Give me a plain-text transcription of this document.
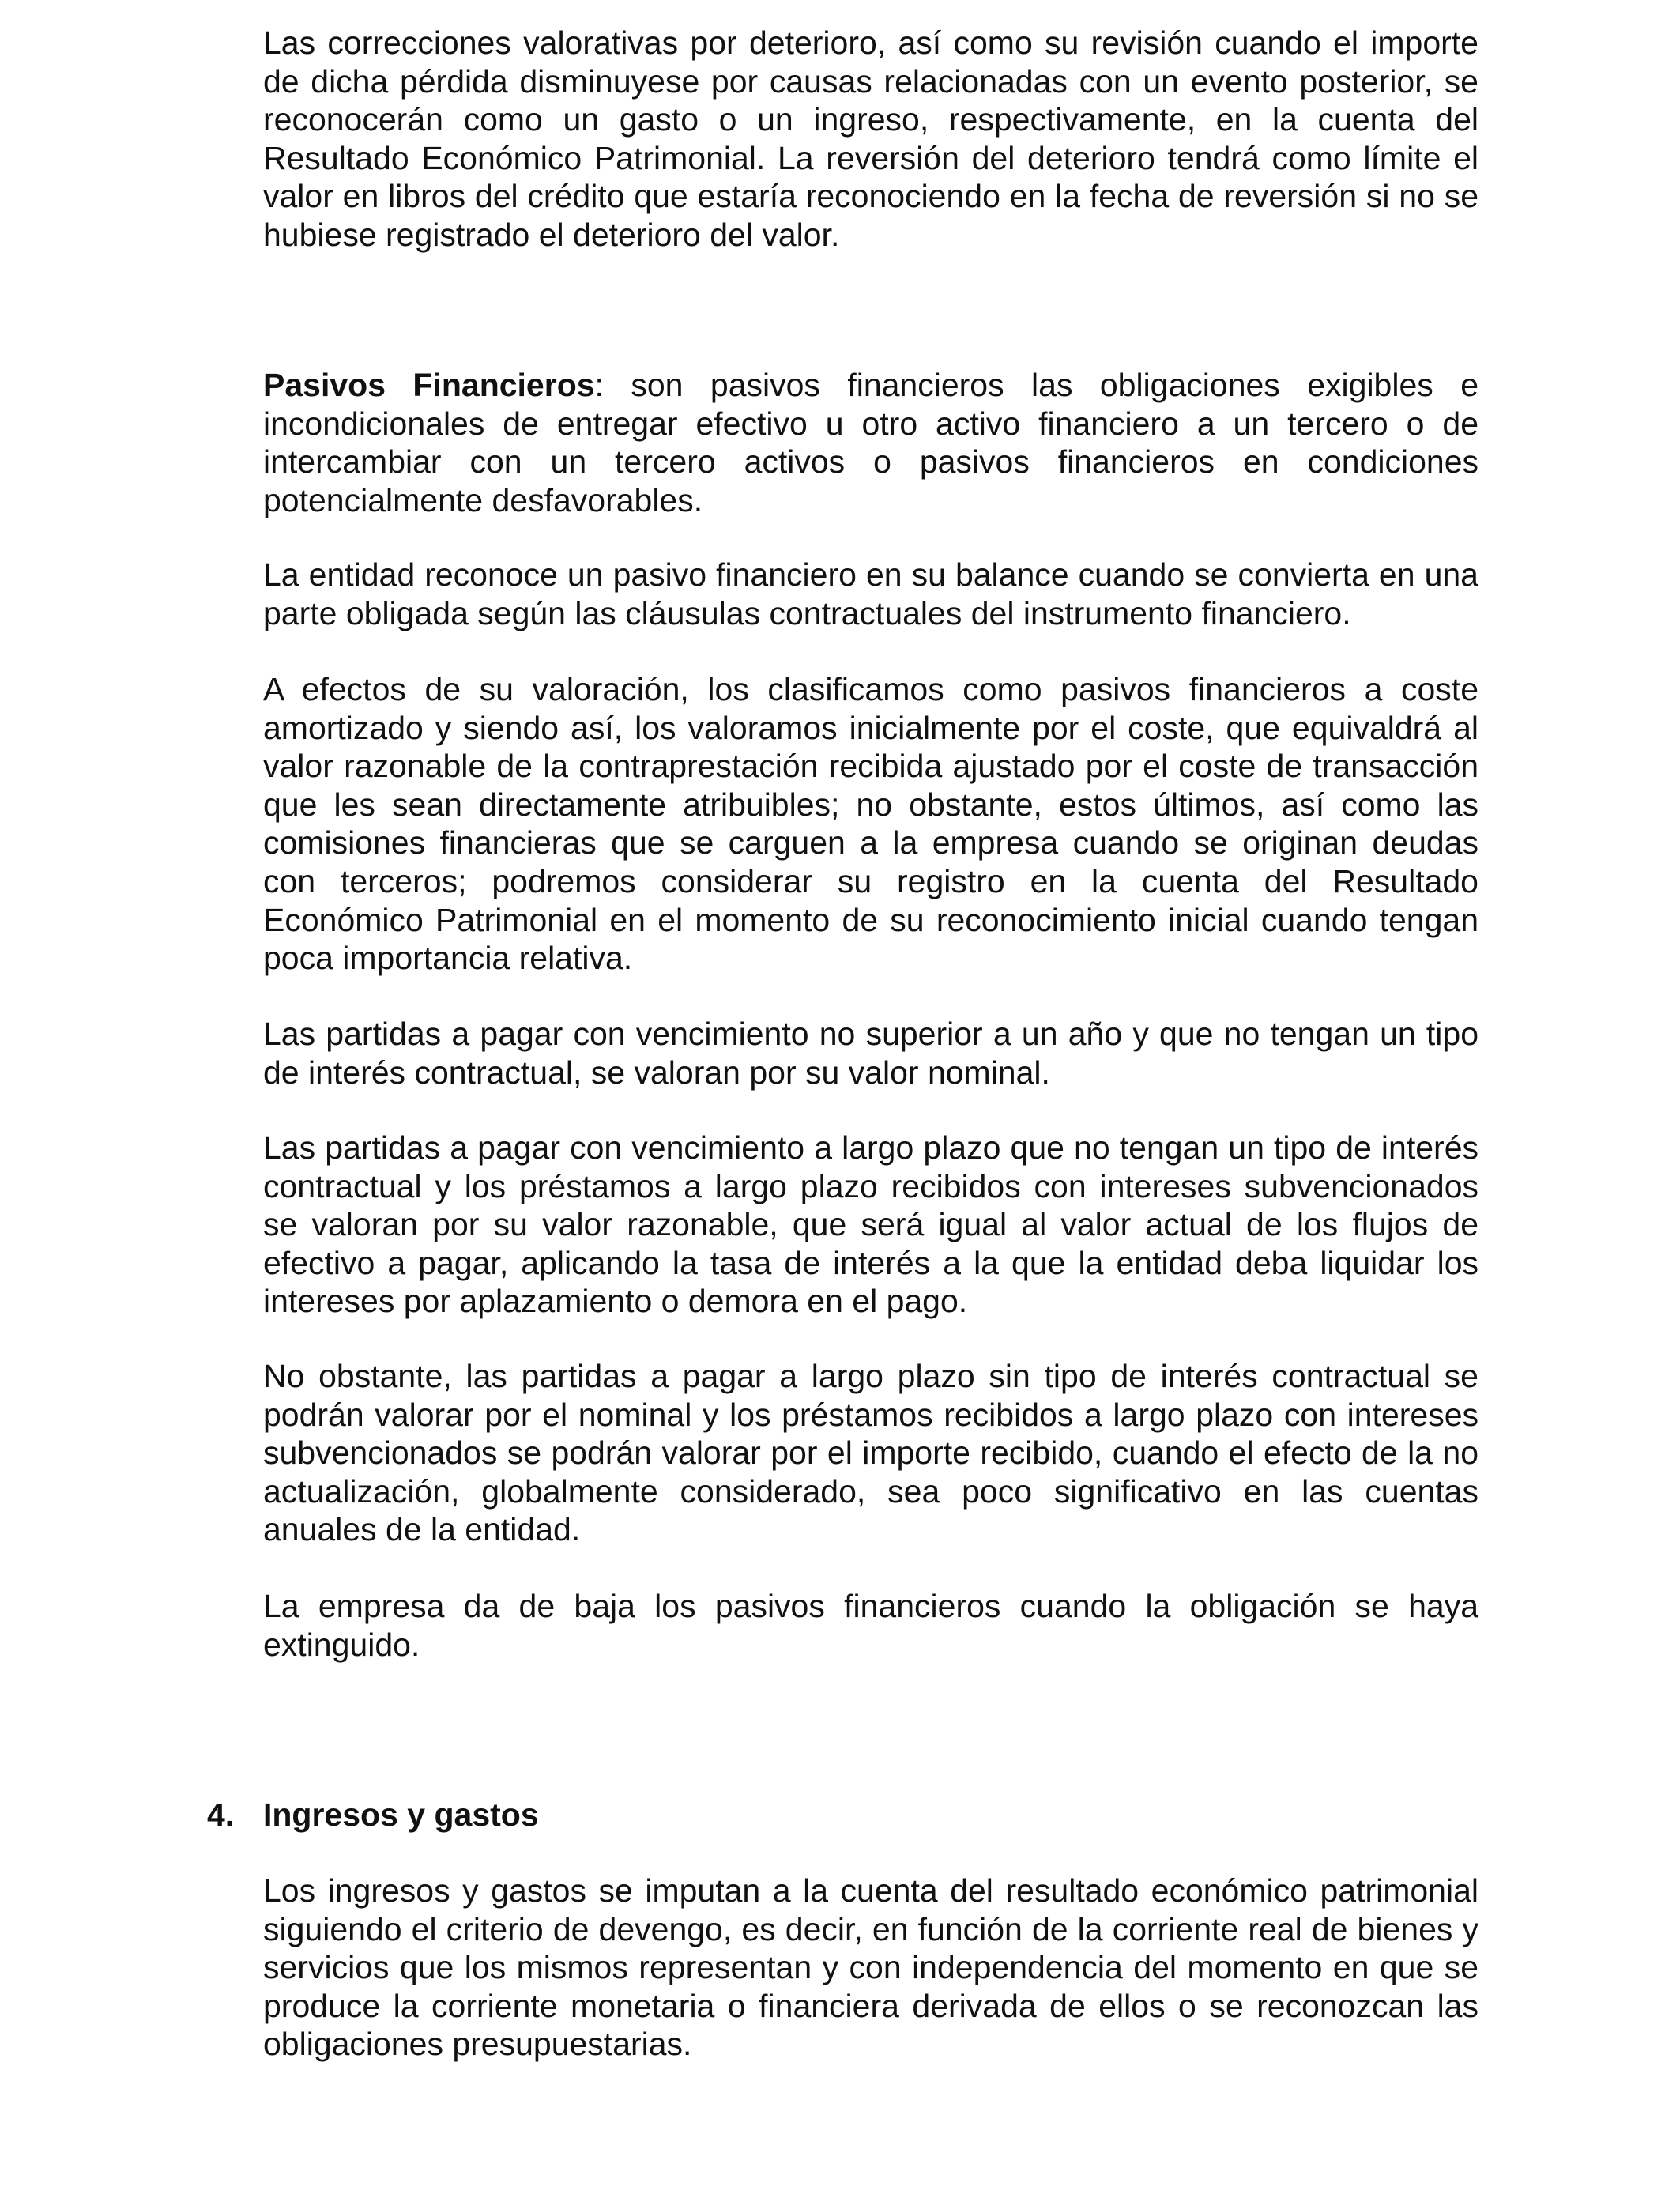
Las correcciones valorativas por deterioro, así como su revisión cuando el importe de dicha pérdida disminuyese por causas relacionadas con un evento posterior, se reconocerán como un gasto o un ingreso, respectivamente, en la cuenta del Resultado Económico Patrimonial. La reversión del deterioro tendrá como límite el valor en libros del crédito que estaría reconociendo en la fecha de reversión si no se hubiese registrado el deterioro del valor.

Pasivos Financieros: son pasivos financieros las obligaciones exigibles e incondicionales de entregar efectivo u otro activo financiero a un tercero o de intercambiar con un tercero activos o pasivos financieros en condiciones potencialmente desfavorables.

La entidad reconoce un pasivo financiero en su balance cuando se convierta en una parte obligada según las cláusulas contractuales del instrumento financiero.

A efectos de su valoración, los clasificamos como pasivos financieros a coste amortizado y siendo así, los valoramos inicialmente por el coste, que equivaldrá al valor razonable de la contraprestación recibida ajustado por el coste de transacción que les sean directamente atribuibles; no obstante, estos últimos, así como las comisiones financieras que se carguen a la empresa cuando se originan deudas con terceros; podremos considerar su registro en la cuenta del Resultado Económico Patrimonial en el momento de su reconocimiento inicial cuando tengan poca importancia relativa.

Las partidas a pagar con vencimiento no superior a un año y que no tengan un tipo de interés contractual, se valoran por su valor nominal.

Las partidas a pagar con vencimiento a largo plazo que no tengan un tipo de interés contractual y los préstamos a largo plazo recibidos con intereses subvencionados se valoran por su valor razonable, que será igual al valor actual de los flujos de efectivo a pagar, aplicando la tasa de interés a la que la entidad deba liquidar los intereses por aplazamiento o demora en el pago.

No obstante, las partidas a pagar a largo plazo sin tipo de interés contractual se podrán valorar por el nominal y los préstamos recibidos a largo plazo con intereses subvencionados se podrán valorar por el importe recibido, cuando el efecto de la no actualización, globalmente considerado, sea poco significativo en las cuentas anuales de la entidad.

La empresa da de baja los pasivos financieros cuando la obligación se haya extinguido.

4. Ingresos y gastos

Los ingresos y gastos se imputan a la cuenta del resultado económico patrimonial siguiendo el criterio de devengo, es decir, en función de la corriente real de bienes y servicios que los mismos representan y con independencia del momento en que se produce la corriente monetaria o financiera derivada de ellos o se reconozcan las obligaciones presupuestarias.
